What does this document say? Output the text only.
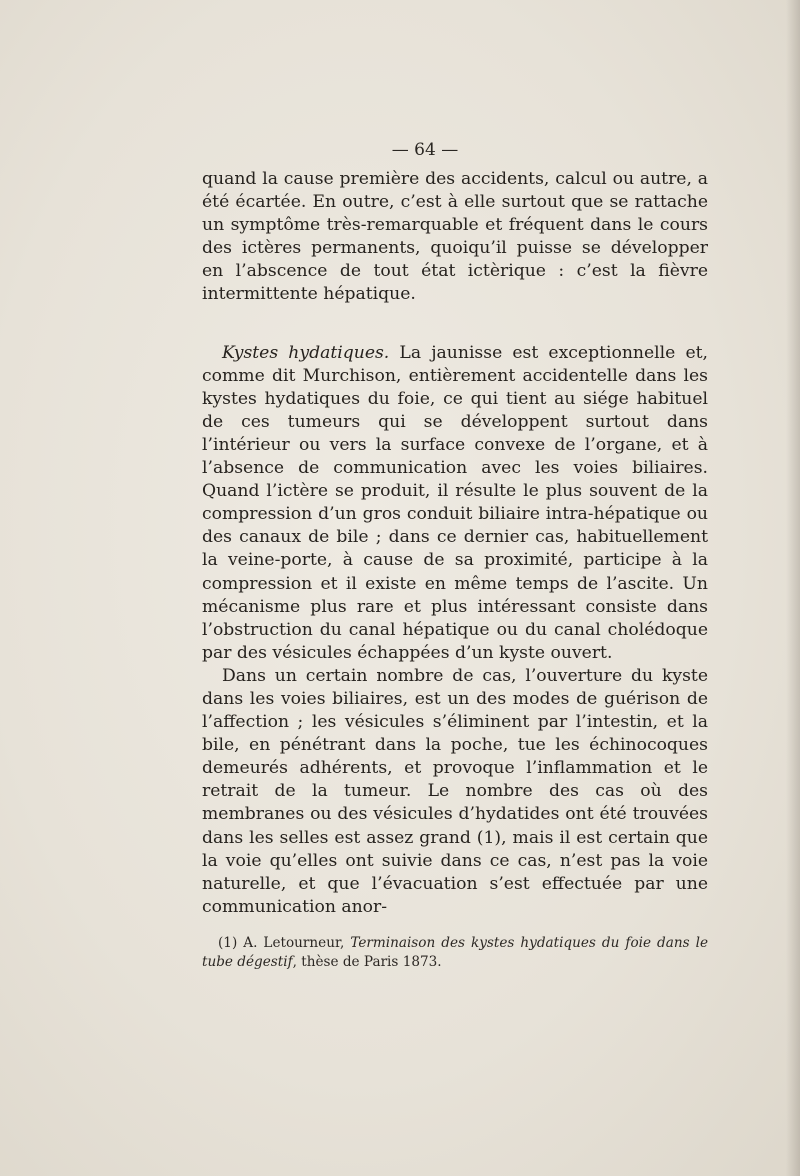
— 64 —

quand la cause première des accidents, calcul ou autre, a été écartée. En outre, c’est à elle surtout que se rattache un symptôme très-remarquable et fréquent dans le cours des ictères permanents, quoiqu’il puisse se développer en l’abscence de tout état ictèrique : c’est la fièvre intermittente hépatique.

Kystes hydatiques. La jaunisse est exceptionnelle et, comme dit Murchison, entièrement accidentelle dans les kystes hydatiques du foie, ce qui tient au siége habituel de ces tumeurs qui se développent surtout dans l’intérieur ou vers la surface convexe de l’organe, et à l’absence de communication avec les voies biliaires. Quand l’ictère se produit, il résulte le plus souvent de la compression d’un gros conduit biliaire intra-hépatique ou des canaux de bile ; dans ce dernier cas, habituellement la veine-porte, à cause de sa proximité, participe à la compression et il existe en même temps de l’ascite. Un mécanisme plus rare et plus intéressant consiste dans l’obstruction du canal hépatique ou du canal cholédoque par des vésicules échappées d’un kyste ouvert.

Dans un certain nombre de cas, l’ouverture du kyste dans les voies biliaires, est un des modes de guérison de l’affection ; les vésicules s’éliminent par l’intestin, et la bile, en pénétrant dans la poche, tue les échinocoques demeurés adhérents, et provoque l’inflammation et le retrait de la tumeur. Le nombre des cas où des membranes ou des vésicules d’hydatides ont été trouvées dans les selles est assez grand (1), mais il est certain que la voie qu’elles ont suivie dans ce cas, n’est pas la voie naturelle, et que l’évacuation s’est effectuée par une communication anor-

(1) A. Letourneur, Terminaison des kystes hydatiques du foie dans le tube dégestif, thèse de Paris 1873.
